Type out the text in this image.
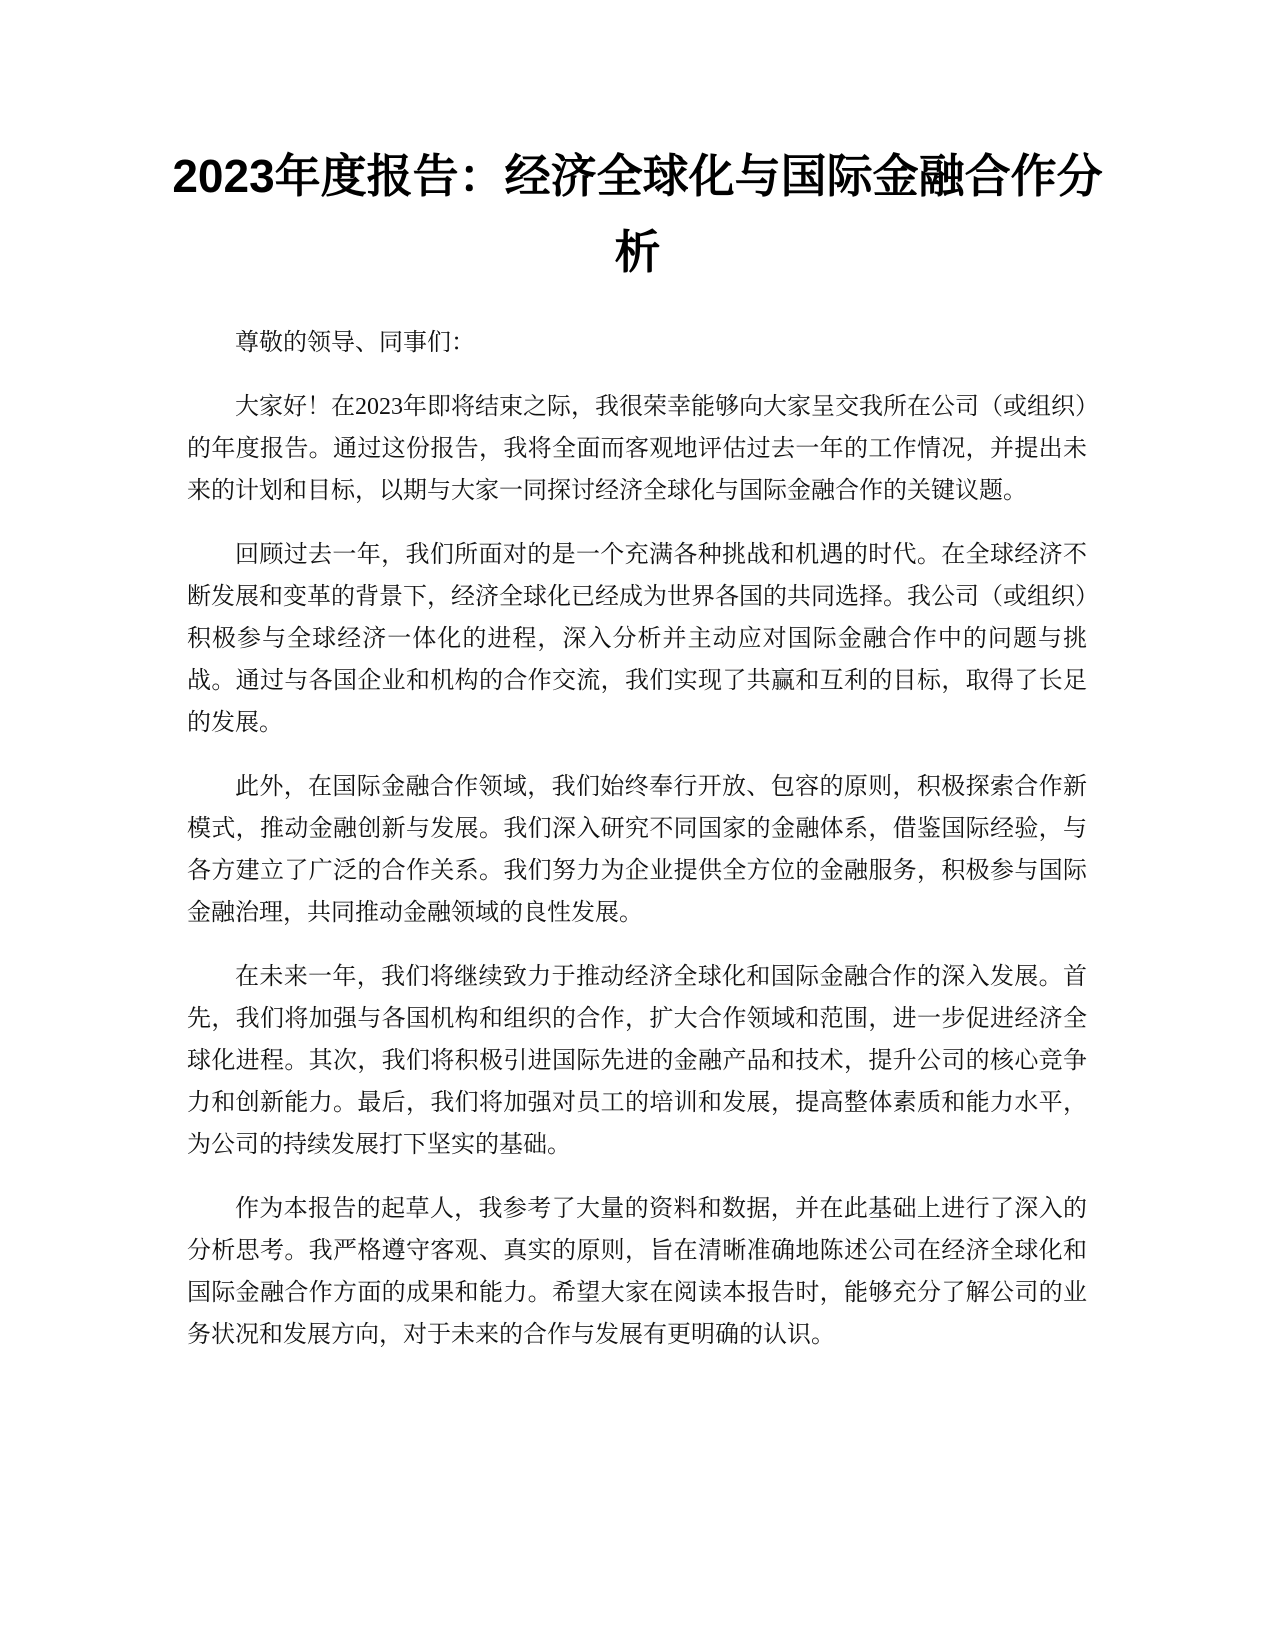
2023年度报告：经济全球化与国际金融合作分析

尊敬的领导、同事们：

大家好！在2023年即将结束之际，我很荣幸能够向大家呈交我所在公司（或组织）的年度报告。通过这份报告，我将全面而客观地评估过去一年的工作情况，并提出未来的计划和目标，以期与大家一同探讨经济全球化与国际金融合作的关键议题。

回顾过去一年，我们所面对的是一个充满各种挑战和机遇的时代。在全球经济不断发展和变革的背景下，经济全球化已经成为世界各国的共同选择。我公司（或组织）积极参与全球经济一体化的进程，深入分析并主动应对国际金融合作中的问题与挑战。通过与各国企业和机构的合作交流，我们实现了共赢和互利的目标，取得了长足的发展。

此外，在国际金融合作领域，我们始终奉行开放、包容的原则，积极探索合作新模式，推动金融创新与发展。我们深入研究不同国家的金融体系，借鉴国际经验，与各方建立了广泛的合作关系。我们努力为企业提供全方位的金融服务，积极参与国际金融治理，共同推动金融领域的良性发展。

在未来一年，我们将继续致力于推动经济全球化和国际金融合作的深入发展。首先，我们将加强与各国机构和组织的合作，扩大合作领域和范围，进一步促进经济全球化进程。其次，我们将积极引进国际先进的金融产品和技术，提升公司的核心竞争力和创新能力。最后，我们将加强对员工的培训和发展，提高整体素质和能力水平，为公司的持续发展打下坚实的基础。

作为本报告的起草人，我参考了大量的资料和数据，并在此基础上进行了深入的分析思考。我严格遵守客观、真实的原则，旨在清晰准确地陈述公司在经济全球化和国际金融合作方面的成果和能力。希望大家在阅读本报告时，能够充分了解公司的业务状况和发展方向，对于未来的合作与发展有更明确的认识。
